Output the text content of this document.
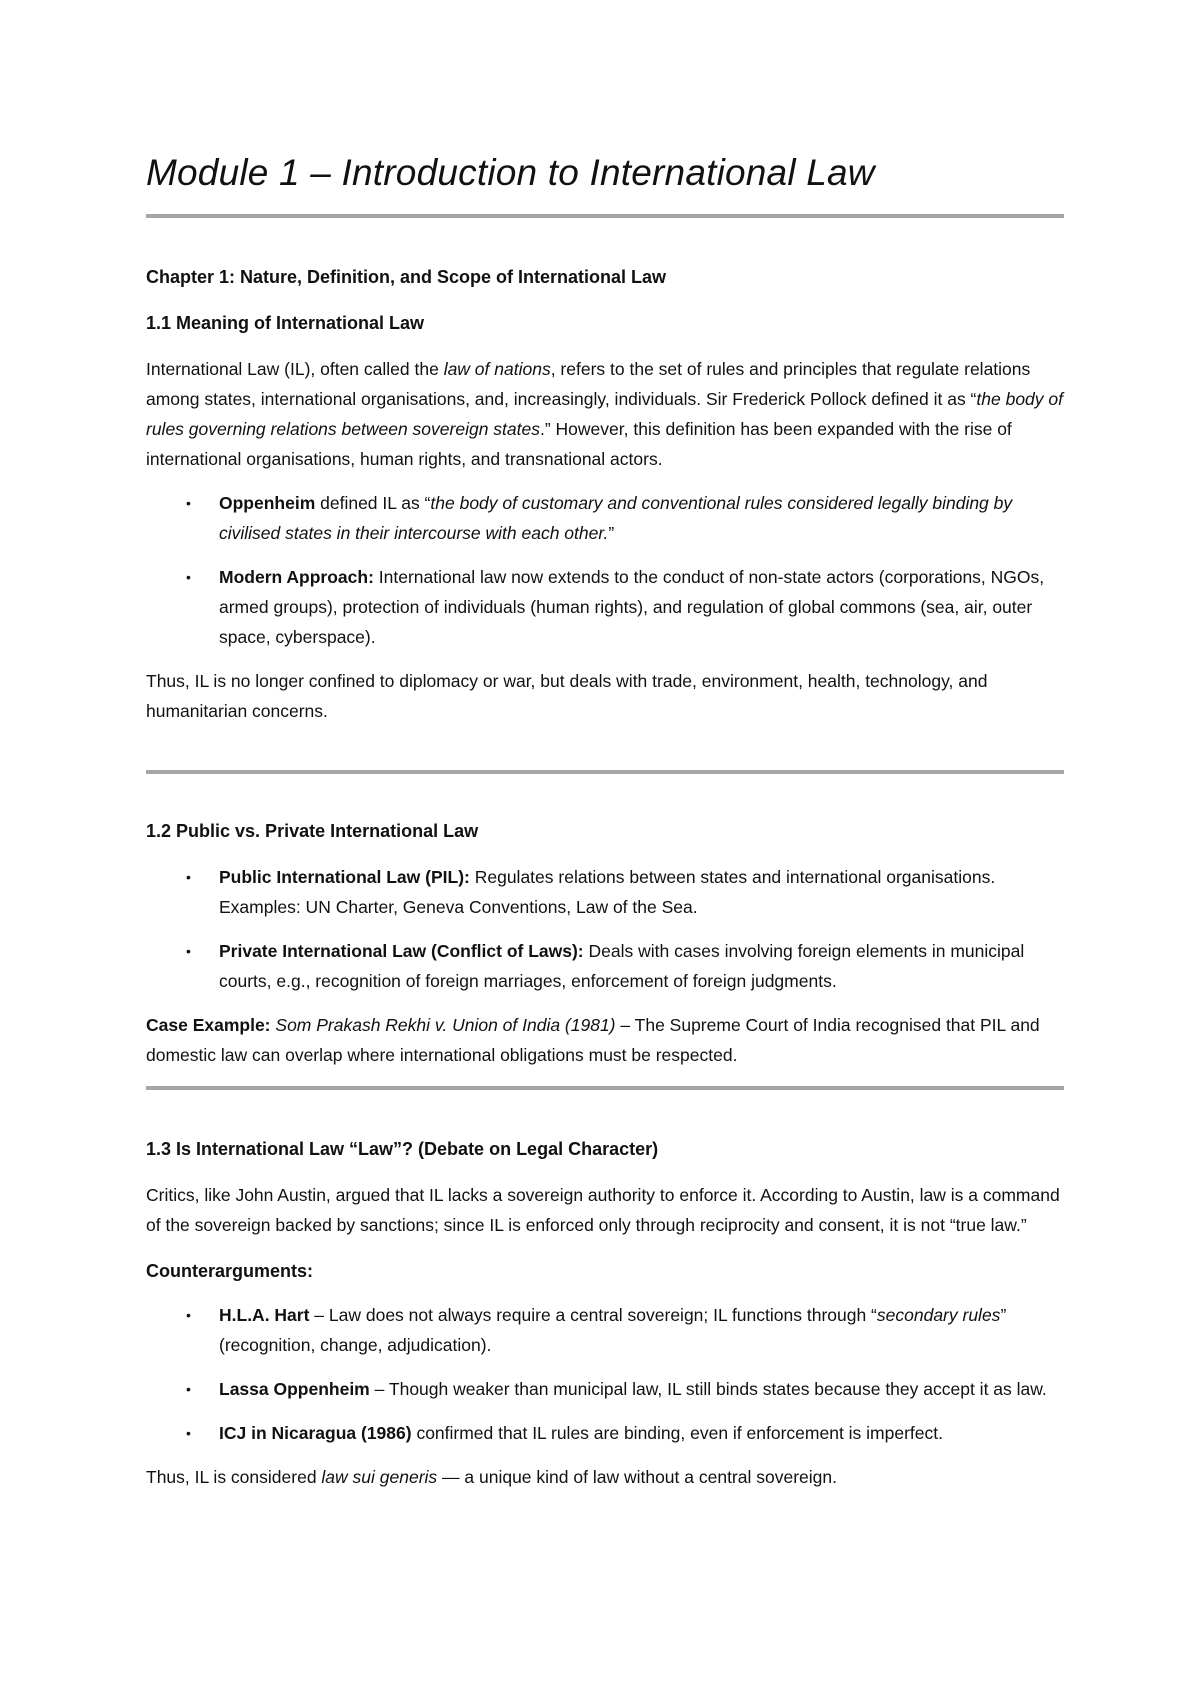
Module 1 – Introduction to International Law

Chapter 1: Nature, Definition, and Scope of International Law

1.1 Meaning of International Law

International Law (IL), often called the law of nations, refers to the set of rules and principles that regulate relations among states, international organisations, and, increasingly, individuals. Sir Frederick Pollock defined it as “the body of rules governing relations between sovereign states.” However, this definition has been expanded with the rise of international organisations, human rights, and transnational actors.

• Oppenheim defined IL as “the body of customary and conventional rules considered legally binding by civilised states in their intercourse with each other.”
• Modern Approach: International law now extends to the conduct of non-state actors (corporations, NGOs, armed groups), protection of individuals (human rights), and regulation of global commons (sea, air, outer space, cyberspace).

Thus, IL is no longer confined to diplomacy or war, but deals with trade, environment, health, technology, and humanitarian concerns.

1.2 Public vs. Private International Law

• Public International Law (PIL): Regulates relations between states and international organisations. Examples: UN Charter, Geneva Conventions, Law of the Sea.
• Private International Law (Conflict of Laws): Deals with cases involving foreign elements in municipal courts, e.g., recognition of foreign marriages, enforcement of foreign judgments.

Case Example: Som Prakash Rekhi v. Union of India (1981) – The Supreme Court of India recognised that PIL and domestic law can overlap where international obligations must be respected.

1.3 Is International Law “Law”? (Debate on Legal Character)

Critics, like John Austin, argued that IL lacks a sovereign authority to enforce it. According to Austin, law is a command of the sovereign backed by sanctions; since IL is enforced only through reciprocity and consent, it is not “true law.”

Counterarguments:

• H.L.A. Hart – Law does not always require a central sovereign; IL functions through “secondary rules” (recognition, change, adjudication).
• Lassa Oppenheim – Though weaker than municipal law, IL still binds states because they accept it as law.
• ICJ in Nicaragua (1986) confirmed that IL rules are binding, even if enforcement is imperfect.

Thus, IL is considered law sui generis — a unique kind of law without a central sovereign.
